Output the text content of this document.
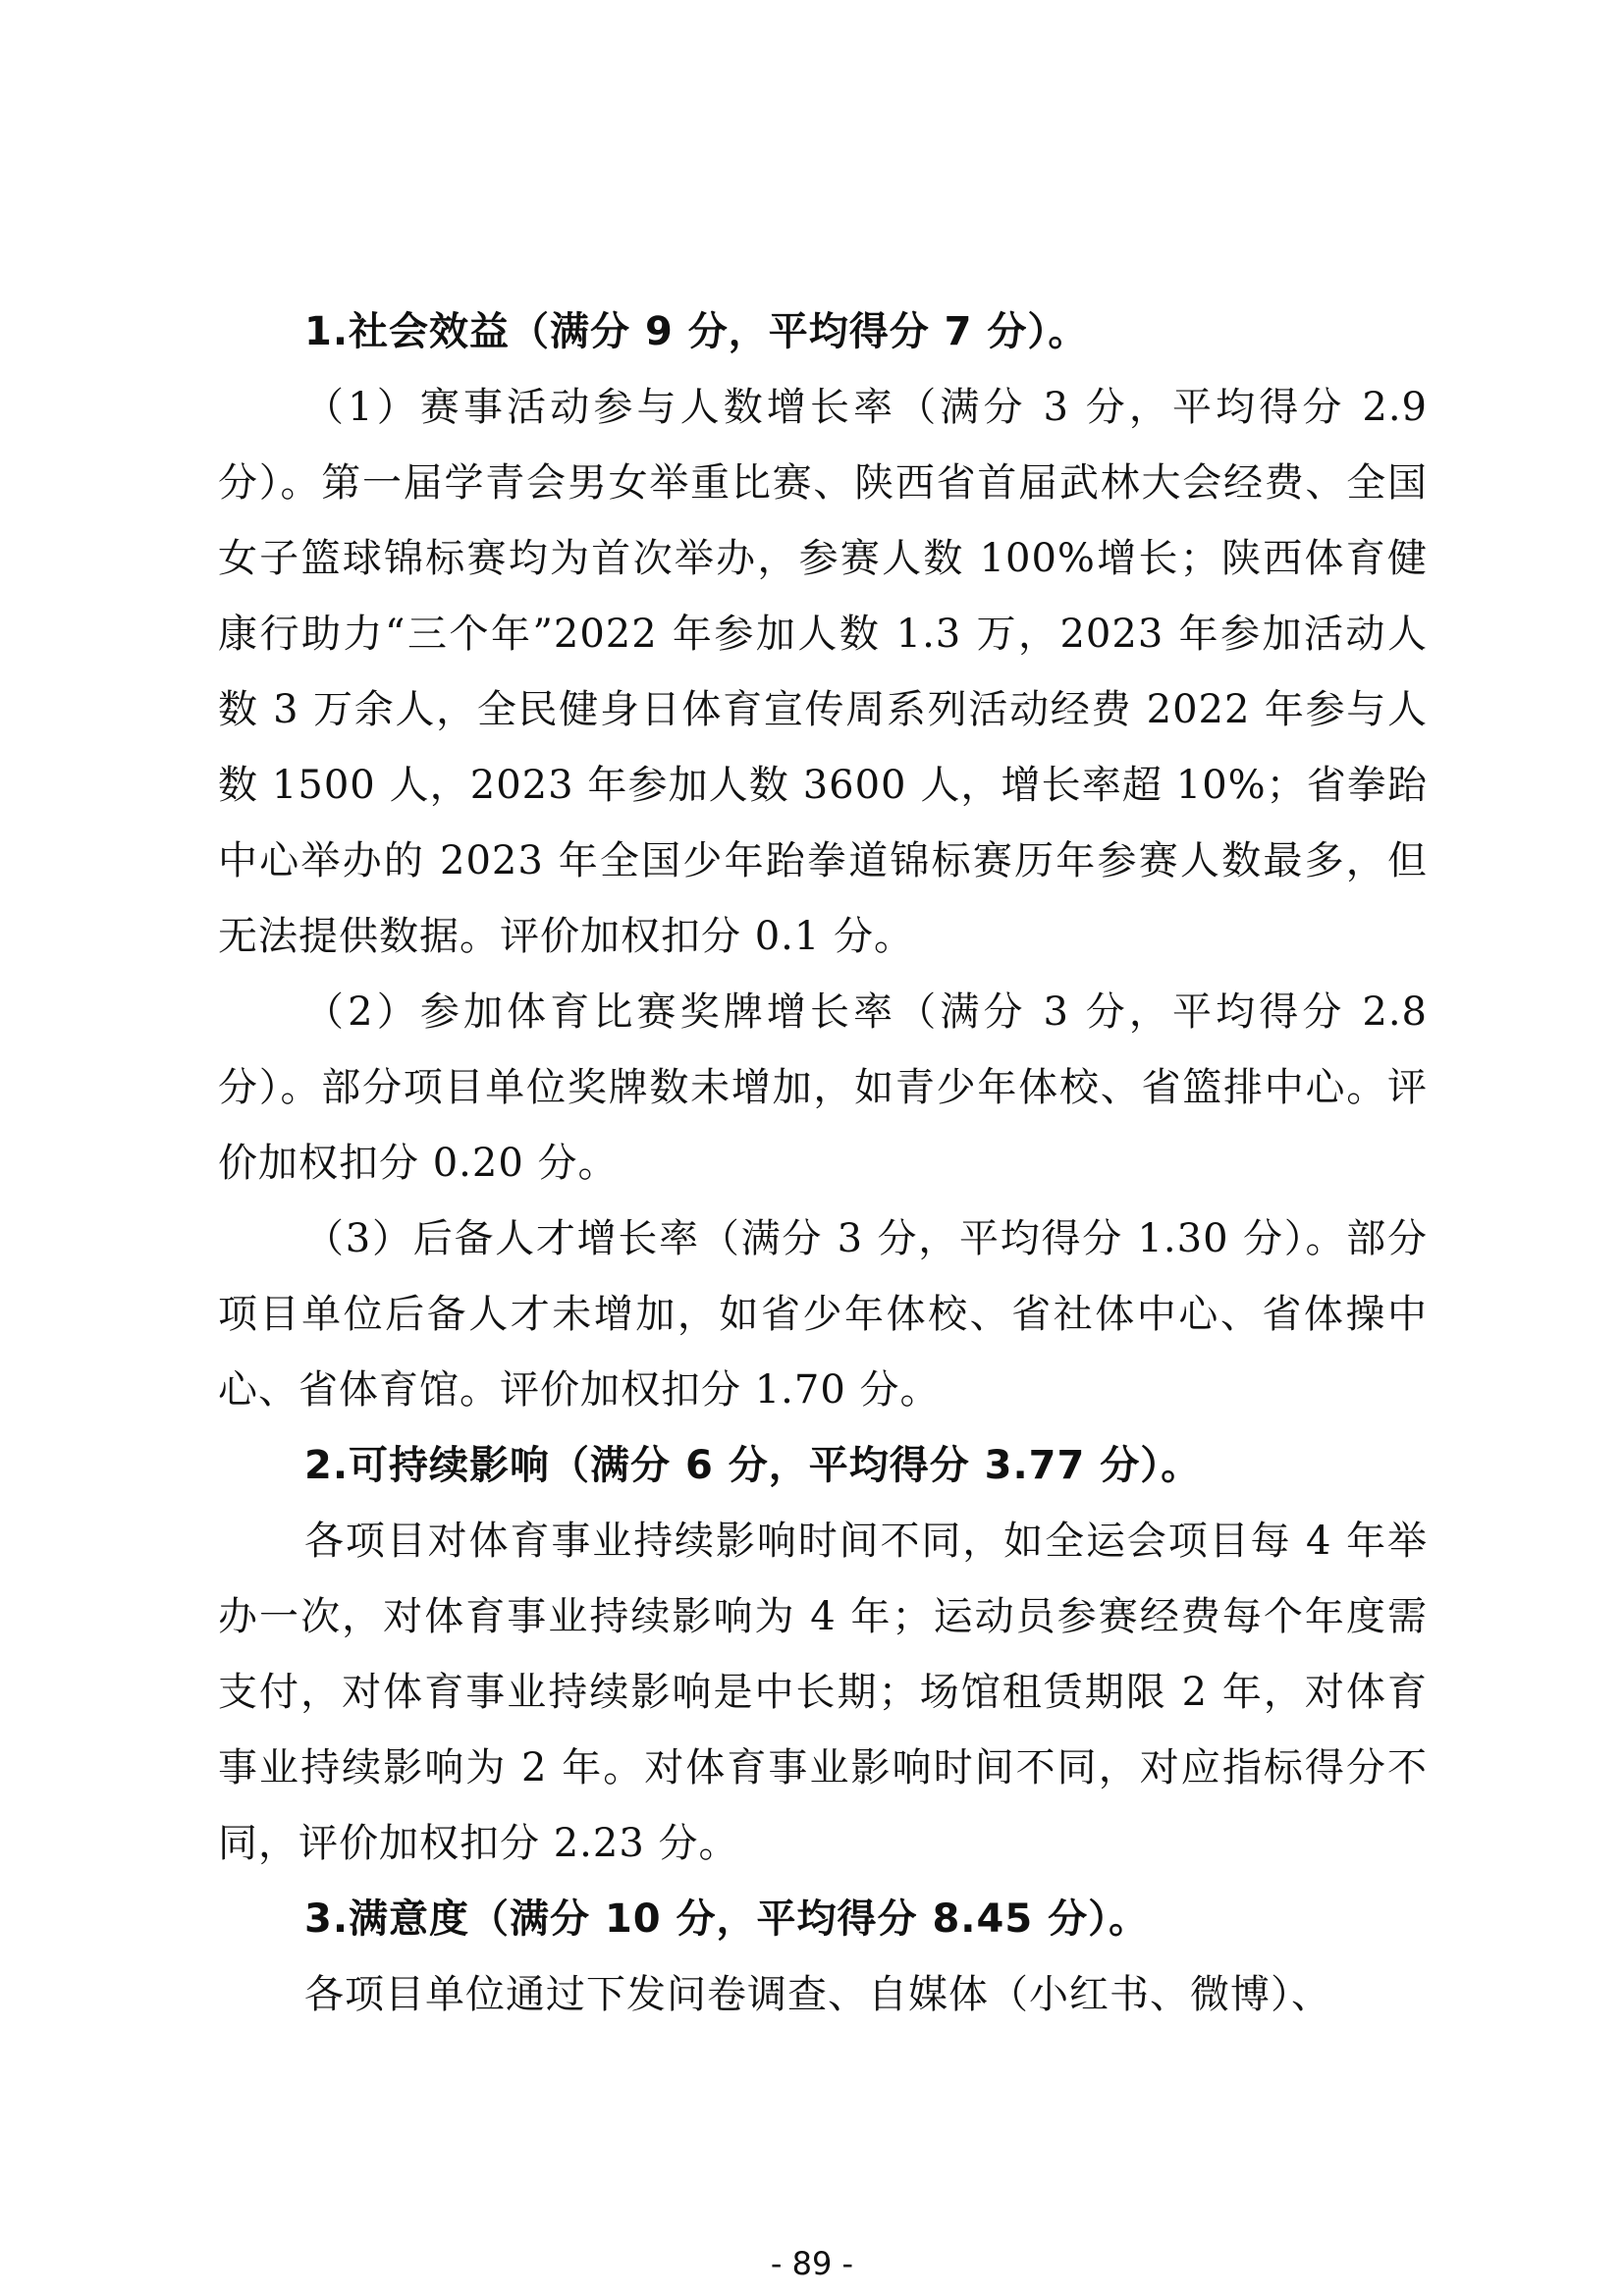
1.社会效益（满分 9 分，平均得分 7 分）。

（1）赛事活动参与人数增长率（满分 3 分，平均得分 2.9 分）。第一届学青会男女举重比赛、陕西省首届武林大会经费、全国女子篮球锦标赛均为首次举办，参赛人数 100%增长；陕西体育健康行助力“三个年”2022 年参加人数 1.3 万，2023 年参加活动人数 3 万余人，全民健身日体育宣传周系列活动经费 2022 年参与人数 1500 人，2023 年参加人数 3600 人，增长率超 10%；省拳跆中心举办的 2023 年全国少年跆拳道锦标赛历年参赛人数最多，但无法提供数据。评价加权扣分 0.1 分。

（2）参加体育比赛奖牌增长率（满分 3 分，平均得分 2.8 分）。部分项目单位奖牌数未增加，如青少年体校、省篮排中心。评价加权扣分 0.20 分。

（3）后备人才增长率（满分 3 分，平均得分 1.30 分）。部分项目单位后备人才未增加，如省少年体校、省社体中心、省体操中心、省体育馆。评价加权扣分 1.70 分。

2.可持续影响（满分 6 分，平均得分 3.77 分）。

各项目对体育事业持续影响时间不同，如全运会项目每 4 年举办一次，对体育事业持续影响为 4 年；运动员参赛经费每个年度需支付，对体育事业持续影响是中长期；场馆租赁期限 2 年，对体育事业持续影响为 2 年。对体育事业影响时间不同，对应指标得分不同，评价加权扣分 2.23 分。

3.满意度（满分 10 分，平均得分 8.45 分）。

各项目单位通过下发问卷调查、自媒体（小红书、微博）、

- 89 -
